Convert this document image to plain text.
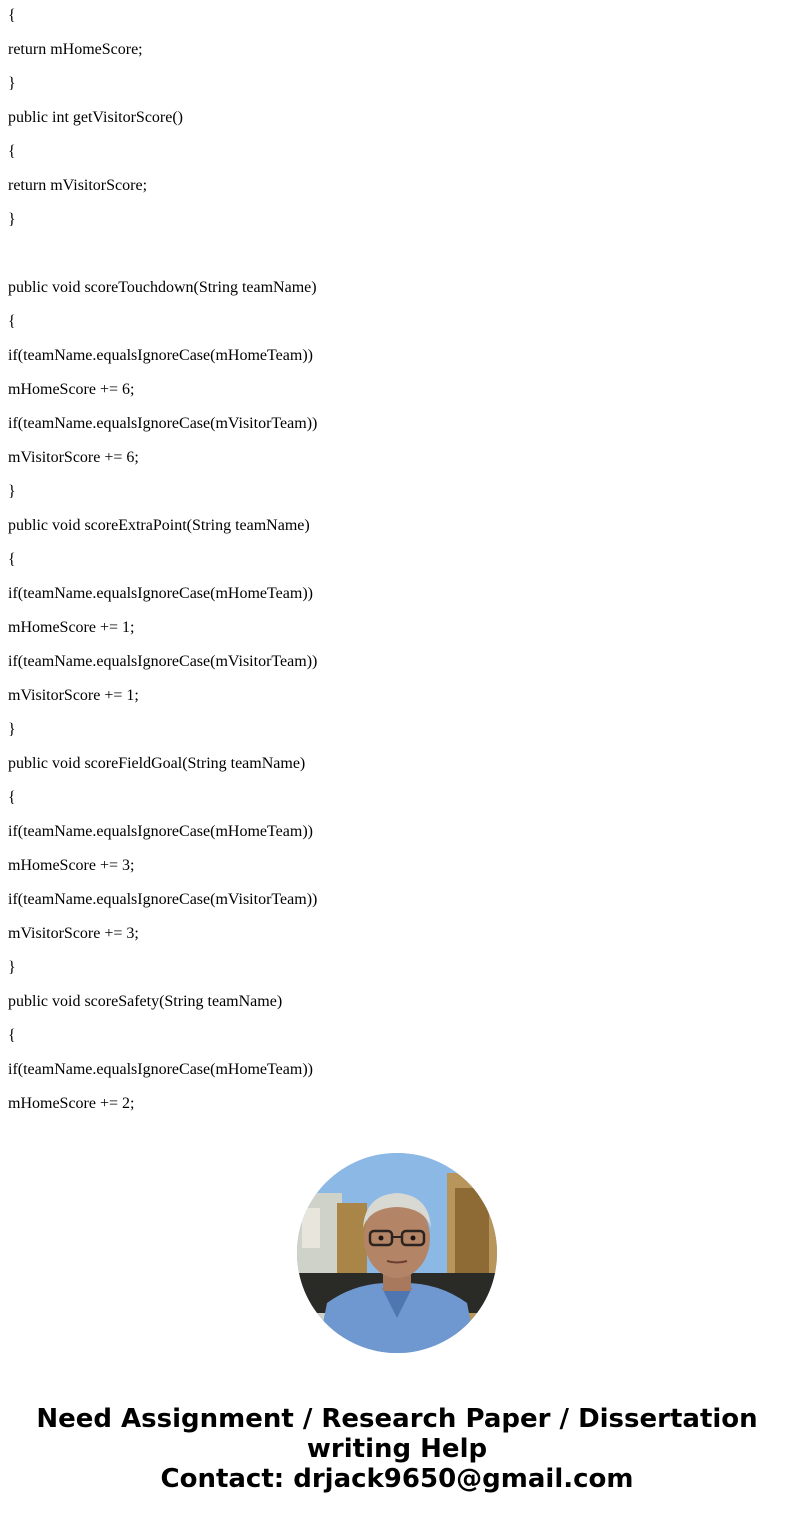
{

return mHomeScore;

}

public int getVisitorScore()

{

return mVisitorScore;

}

public void scoreTouchdown(String teamName)

{

if(teamName.equalsIgnoreCase(mHomeTeam))

mHomeScore += 6;

if(teamName.equalsIgnoreCase(mVisitorTeam))

mVisitorScore += 6;

}

public void scoreExtraPoint(String teamName)

{

if(teamName.equalsIgnoreCase(mHomeTeam))

mHomeScore += 1;

if(teamName.equalsIgnoreCase(mVisitorTeam))

mVisitorScore += 1;

}

public void scoreFieldGoal(String teamName)

{

if(teamName.equalsIgnoreCase(mHomeTeam))

mHomeScore += 3;

if(teamName.equalsIgnoreCase(mVisitorTeam))

mVisitorScore += 3;

}

public void scoreSafety(String teamName)

{

if(teamName.equalsIgnoreCase(mHomeTeam))

mHomeScore += 2;

Need Assignment / Research Paper / Dissertation
writing Help
Contact: drjack9650@gmail.com
